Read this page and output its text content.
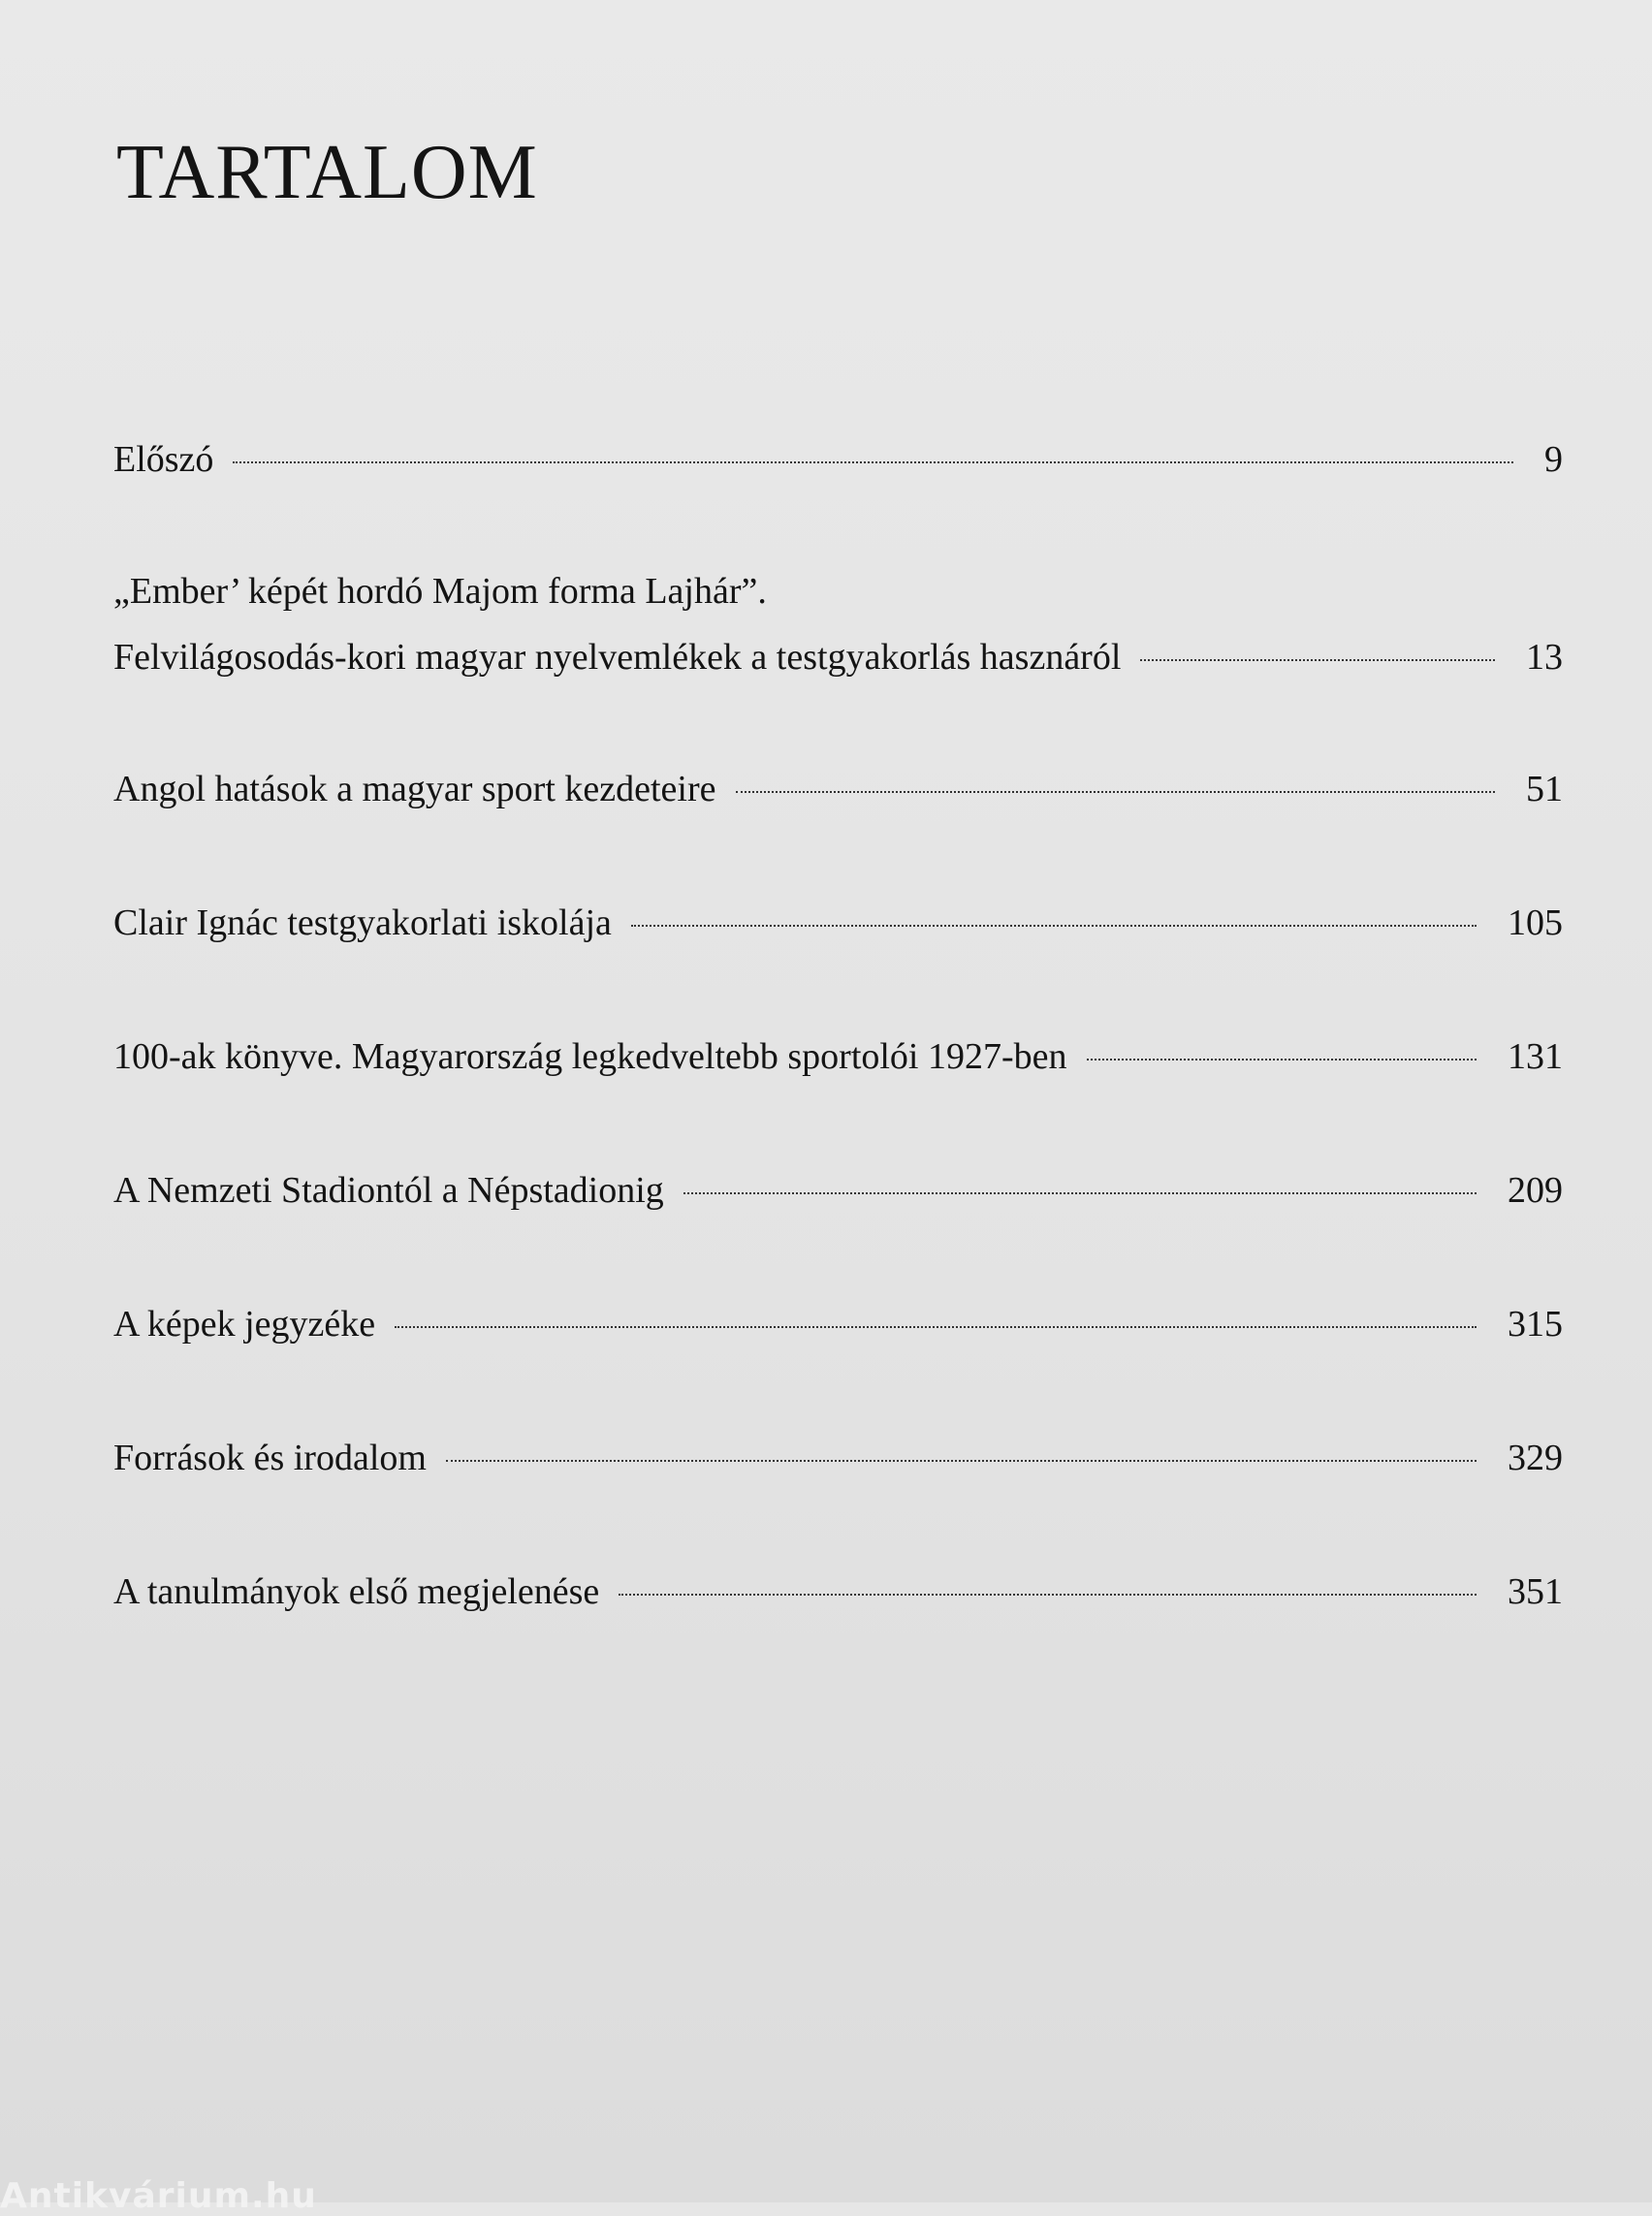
TARTALOM
Előszó	9
„Ember’ képét hordó Majom forma Lajhár”.
Felvilágosodás-kori magyar nyelvemlékek a testgyakorlás hasznáról	13
Angol hatások a magyar sport kezdeteire	51
Clair Ignác testgyakorlati iskolája	105
100-ak könyve. Magyarország legkedveltebb sportolói 1927-ben	131
A Nemzeti Stadiontól a Népstadionig	209
A képek jegyzéke	315
Források és irodalom	329
A tanulmányok első megjelenése	351
Antikvárium.hu
